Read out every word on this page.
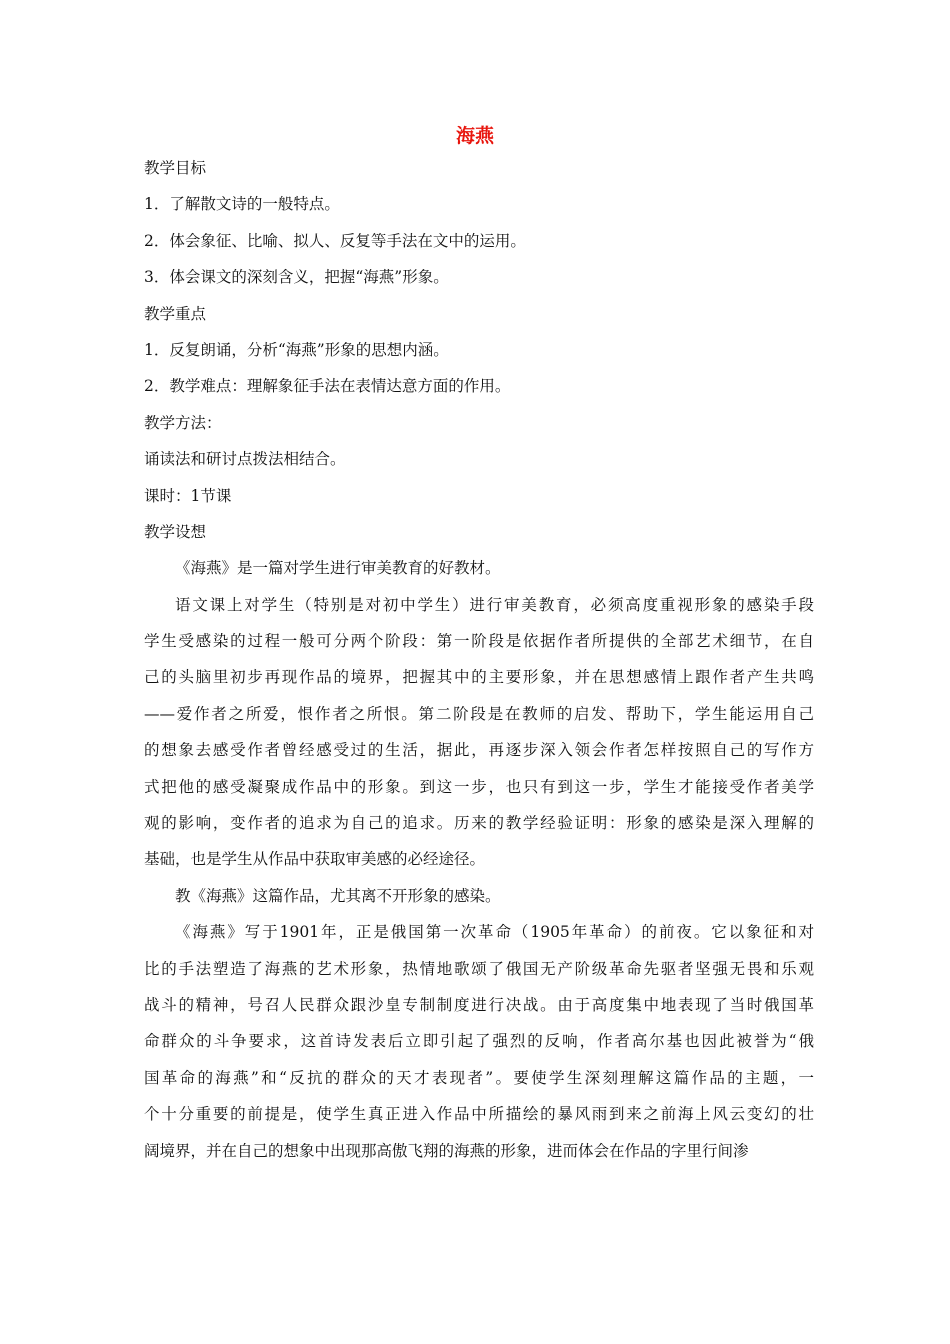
海燕

教学目标

1．了解散文诗的一般特点。

2．体会象征、比喻、拟人、反复等手法在文中的运用。

3．体会课文的深刻含义，把握“海燕”形象。

教学重点

1．反复朗诵，分析“海燕”形象的思想内涵。

2．教学难点：理解象征手法在表情达意方面的作用。

教学方法：

诵读法和研讨点拨法相结合。

课时：1节课

教学设想

《海燕》是一篇对学生进行审美教育的好教材。
语文课上对学生（特别是对初中学生）进行审美教育，必须高度重视形象的感染手段
学生受感染的过程一般可分两个阶段：第一阶段是依据作者所提供的全部艺术细节，在自
己的头脑里初步再现作品的境界，把握其中的主要形象，并在思想感情上跟作者产生共鸣
——爱作者之所爱，恨作者之所恨。第二阶段是在教师的启发、帮助下，学生能运用自己
的想象去感受作者曾经感受过的生活，据此，再逐步深入领会作者怎样按照自己的写作方
式把他的感受凝聚成作品中的形象。到这一步，也只有到这一步，学生才能接受作者美学
观的影响，变作者的追求为自己的追求。历来的教学经验证明：形象的感染是深入理解的
基础，也是学生从作品中获取审美感的必经途径。
教《海燕》这篇作品，尤其离不开形象的感染。
《海燕》写于1901年，正是俄国第一次革命（1905年革命）的前夜。它以象征和对
比的手法塑造了海燕的艺术形象，热情地歌颂了俄国无产阶级革命先驱者坚强无畏和乐观
战斗的精神，号召人民群众跟沙皇专制制度进行决战。由于高度集中地表现了当时俄国革
命群众的斗争要求，这首诗发表后立即引起了强烈的反响，作者高尔基也因此被誉为“俄
国革命的海燕”和“反抗的群众的天才表现者”。要使学生深刻理解这篇作品的主题，一
个十分重要的前提是，使学生真正进入作品中所描绘的暴风雨到来之前海上风云变幻的壮
阔境界，并在自己的想象中出现那高傲飞翔的海燕的形象，进而体会在作品的字里行间渗
